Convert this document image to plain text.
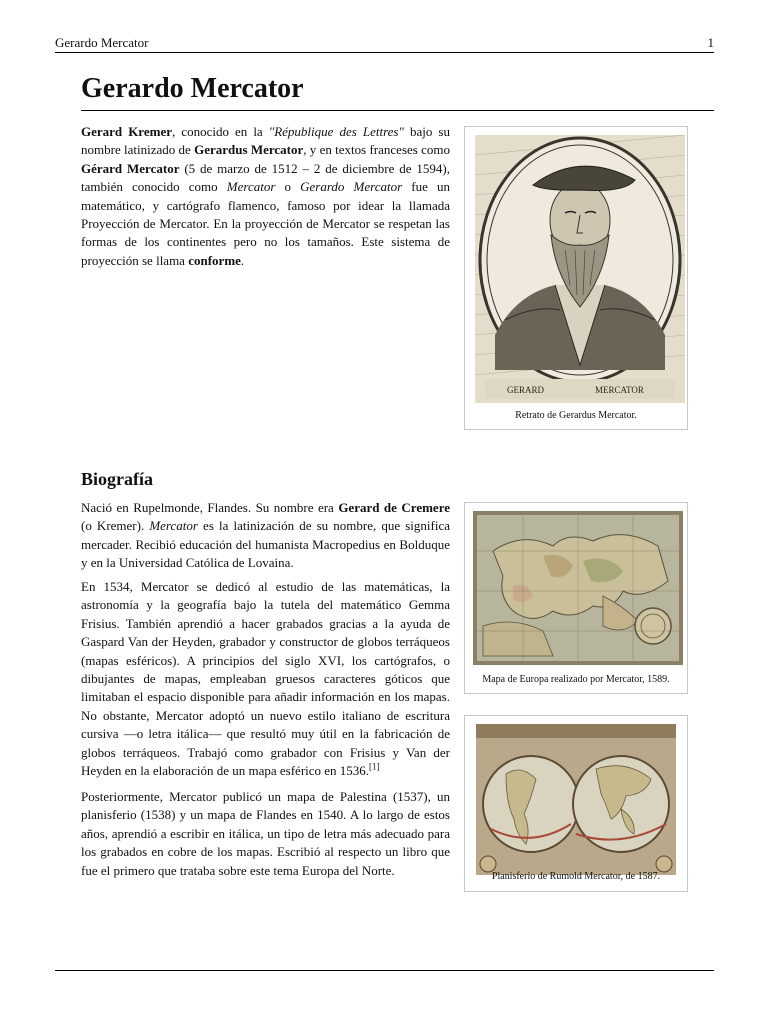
Gerardo Mercator	1
Gerardo Mercator

Gerard Kremer, conocido en la "République des Lettres" bajo su nombre latinizado de Gerardus Mercator, y en textos franceses como Gérard Mercator (5 de marzo de 1512 – 2 de diciembre de 1594), también conocido como Mercator o Gerardo Mercator fue un matemático, y cartógrafo flamenco, famoso por idear la llamada Proyección de Mercator. En la proyección de Mercator se respetan las formas de los continentes pero no los tamaños. Este sistema de proyección se llama conforme.

GERARD	MERCATOR
Retrato de Gerardus Mercator.
Biografía

Nació en Rupelmonde, Flandes. Su nombre era Gerard de Cremere (o Kremer). Mercator es la latinización de su nombre, que significa mercader. Recibió educación del humanista Macropedius en Bolduque y en la Universidad Católica de Lovaina.

En 1534, Mercator se dedicó al estudio de las matemáticas, la astronomía y la geografía bajo la tutela del matemático Gemma Frisius. También aprendió a hacer grabados gracias a la ayuda de Gaspard Van der Heyden, grabador y constructor de globos terráqueos (mapas esféricos). A principios del siglo XVI, los cartógrafos, o dibujantes de mapas, empleaban gruesos caracteres góticos que limitaban el espacio disponible para añadir información en los mapas. No obstante, Mercator adoptó un nuevo estilo italiano de escritura cursiva —o letra itálica— que resultó muy útil en la fabricación de globos terráqueos. Trabajó como grabador con Frisius y Van der Heyden en la elaboración de un mapa esférico en 1536.[1]

Posteriormente, Mercator publicó un mapa de Palestina (1537), un planisferio (1538) y un mapa de Flandes en 1540. A lo largo de estos años, aprendió a escribir en itálica, un tipo de letra más adecuado para los grabados en cobre de los mapas. Escribió al respecto un libro que fue el primero que trataba sobre este tema Europa del Norte.

Mapa de Europa realizado por Mercator, 1589.
Planisferio de Rumold Mercator, de 1587.
